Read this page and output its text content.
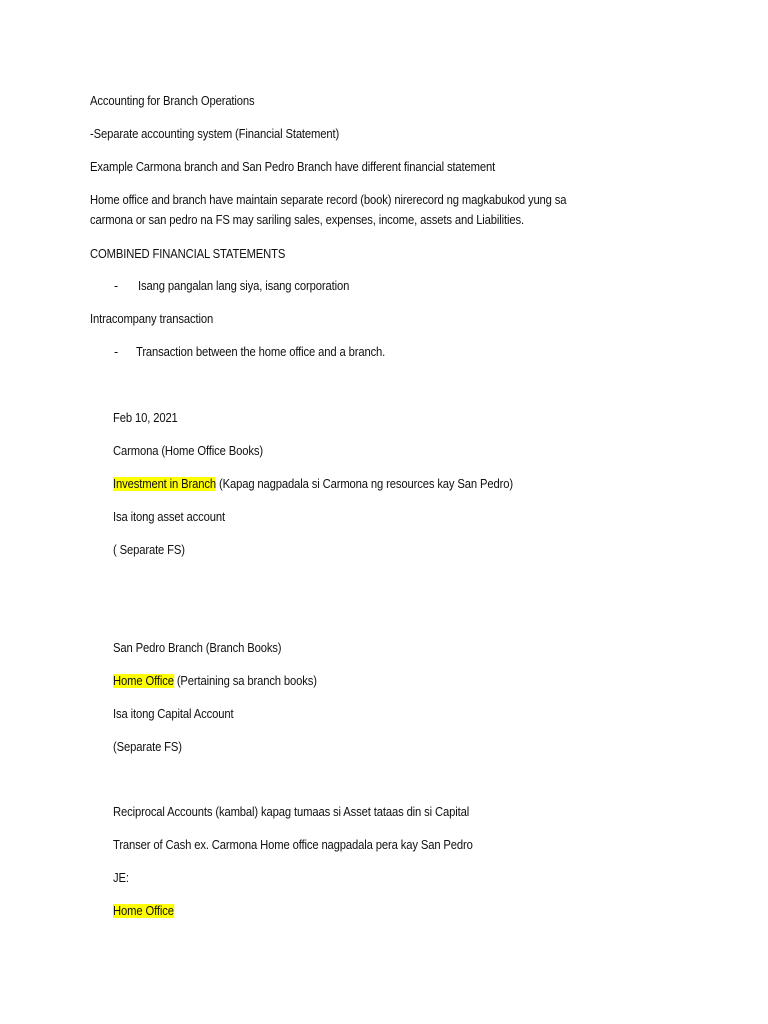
Accounting for Branch Operations
-Separate accounting system (Financial Statement)
Example Carmona branch and San Pedro Branch have different financial statement
Home office and branch have maintain separate record (book) nirerecord ng magkabukod yung sa
carmona or san pedro na FS may sariling sales, expenses, income, assets and Liabilities.
COMBINED FINANCIAL STATEMENTS
- Isang pangalan lang siya, isang corporation
Intracompany transaction
- Transaction between the home office and a branch.
Feb 10, 2021
Carmona (Home Office Books)
Investment in Branch (Kapag nagpadala si Carmona ng resources kay San Pedro)
Isa itong asset account
( Separate FS)
San Pedro Branch (Branch Books)
Home Office (Pertaining sa branch books)
Isa itong Capital Account
(Separate FS)
Reciprocal Accounts (kambal) kapag tumaas si Asset tataas din si Capital
Transer of Cash ex. Carmona Home office nagpadala pera kay San Pedro
JE:
Home Office
